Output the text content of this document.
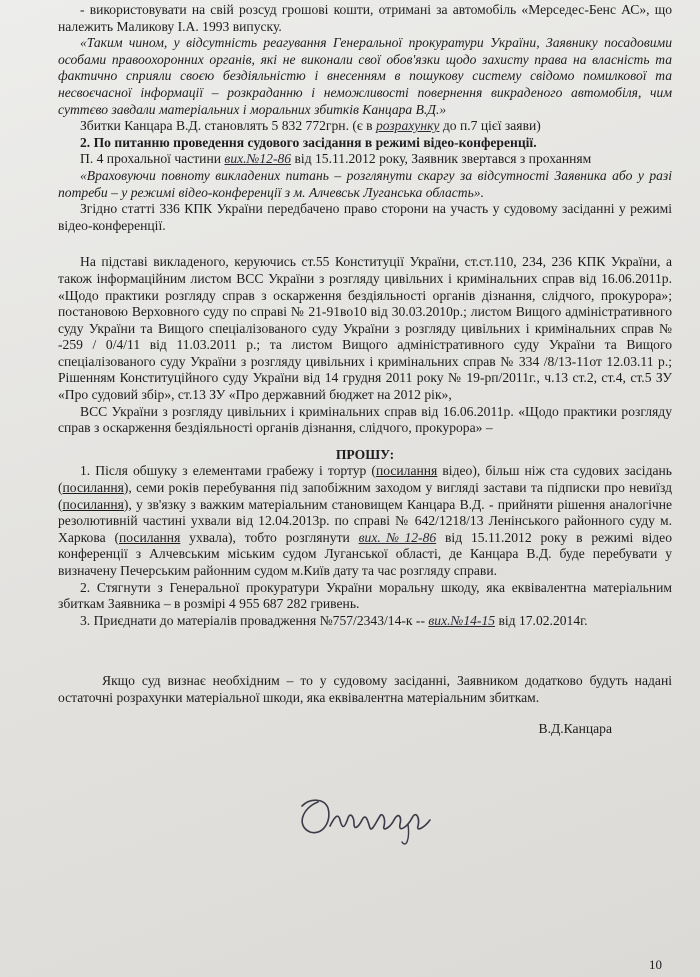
- використовувати на свій розсуд грошові кошти, отримані за автомобіль «Мерседес-Бенс АС», що належить Маликову І.А. 1993 випуску.

«Таким чином, у відсутність реагування Генеральної прокуратури України, Заявнику посадовими особами правоохоронних органів, які не виконали свої обов'язки щодо захисту права на власність та фактично сприяли своєю бездіяльністю і внесенням в пошукову систему свідомо помилкової та несвоєчасної інформації – розкраданню і неможливості повернення викраденого автомобіля, чим суттєво завдали матеріальних і моральних збитків Канцара В.Д.»

Збитки Канцара В.Д. становлять 5 832 772грн. (є в розрахунку до п.7 цієї заяви)

2. По питанню проведення судового засідання в режимі відео-конференції.

П. 4 прохальної частини вих.№12-86 від 15.11.2012 року, Заявник звертався з проханням

«Враховуючи повноту викладених питань – розглянути скаргу за відсутності Заявника або у разі потреби – у режимі відео-конференції з м. Алчевськ Луганська область».

Згідно статті 336 КПК України передбачено право сторони на участь у судовому засіданні у режимі відео-конференції.

На підставі викладеного, керуючись ст.55 Конституції України, ст.ст.110, 234, 236 КПК України, а також інформаційним листом ВСС України з розгляду цивільних і кримінальних справ від 16.06.2011р. «Щодо практики розгляду справ з оскарження бездіяльності органів дізнання, слідчого, прокурора»; постановою Верховного суду по справі № 21-91во10 від 30.03.2010р.; листом Вищого адміністративного суду України та Вищого спеціалізованого суду України з розгляду цивільних і кримінальних справ № -259 / 0/4/11 від 11.03.2011 р.; та листом Вищого адміністративного суду України та Вищого спеціалізованого суду України з розгляду цивільних і кримінальних справ № 334 /8/13-11от 12.03.11 р.; Рішенням Конституційного суду України від 14 грудня 2011 року № 19-рп/2011г., ч.13 ст.2, ст.4, ст.5 ЗУ «Про судовий збір», ст.13 ЗУ «Про державний бюджет на 2012 рік»,

ВСС України з розгляду цивільних і кримінальних справ від 16.06.2011р. «Щодо практики розгляду справ з оскарження бездіяльності органів дізнання, слідчого, прокурора» –

ПРОШУ:

1. Після обшуку з елементами грабежу і тортур (посилання відео), більш ніж ста судових засідань (посилання), семи років перебування під запобіжним заходом у вигляді застави та підписки про невиїзд (посилання), у зв'язку з важким матеріальним становищем Канцара В.Д. - прийняти рішення аналогічне резолютивній частині ухвали від 12.04.2013р. по справі № 642/1218/13 Ленінського районного суду м. Харкова (посилання ухвала), тобто розглянути вих.№12-86 від 15.11.2012 року в режимі відео конференції з Алчевським міським судом Луганської області, де Канцара В.Д. буде перебувати у визначену Печерським районним судом м.Київ дату та час розгляду справи.

2. Стягнути з Генеральної прокуратури України моральну шкоду, яка еквівалентна матеріальним збиткам Заявника – в розмірі 4 955 687 282 гривень.

3. Приєднати до матеріалів провадження №757/2343/14-к -- вих.№14-15 від 17.02.2014г.

Якщо суд визнає необхідним – то у судовому засіданні, Заявником додатково будуть надані остаточні розрахунки матеріальної шкоди, яка еквівалентна матеріальним збиткам.

В.Д.Канцара

10
